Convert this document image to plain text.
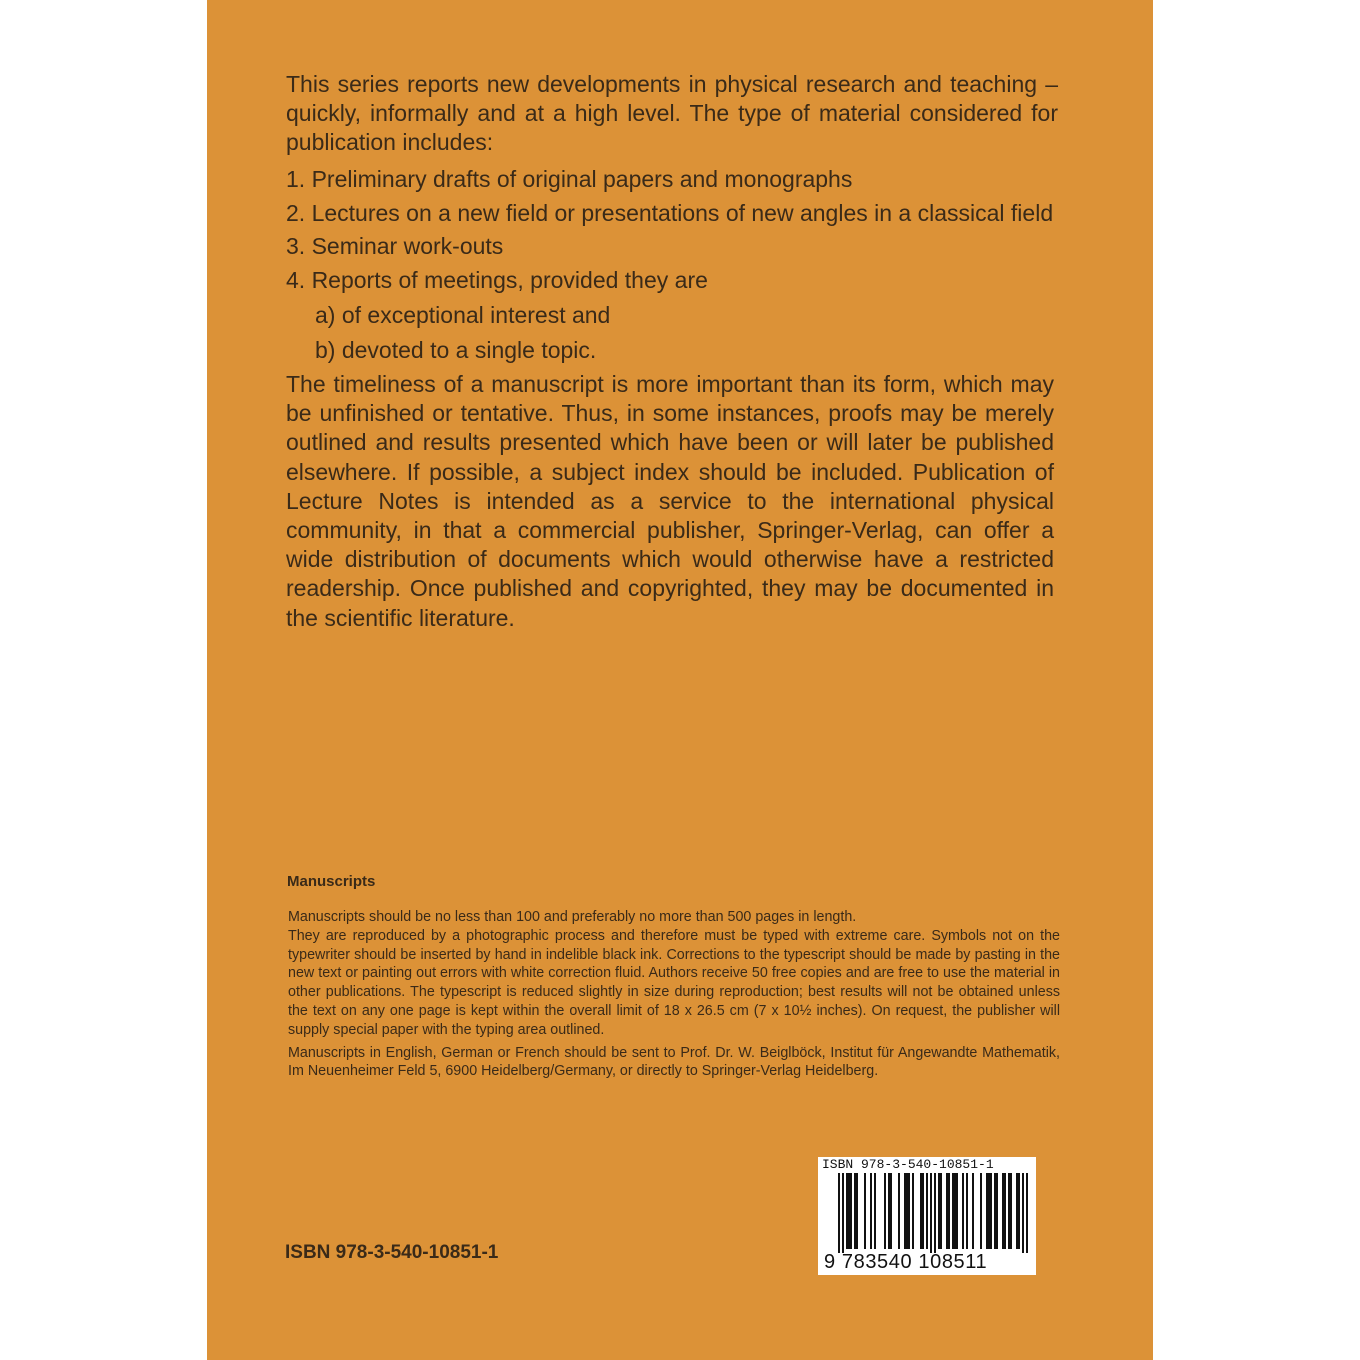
This series reports new developments in physical research and teaching – quickly, informally and at a high level. The type of material considered for publication includes:

1. Preliminary drafts of original papers and monographs
2. Lectures on a new field or presentations of new angles in a classical field
3. Seminar work-outs
4. Reports of meetings, provided they are
a) of exceptional interest and
b) devoted to a single topic.

The timeliness of a manuscript is more important than its form, which may be unfinished or tentative. Thus, in some instances, proofs may be merely outlined and results presented which have been or will later be published elsewhere. If possible, a subject index should be included. Publication of Lecture Notes is intended as a service to the international physical community, in that a commercial publisher, Springer-Verlag, can offer a wide distribution of documents which would otherwise have a restricted readership. Once published and copyrighted, they may be documented in the scientific literature.

Manuscripts

Manuscripts should be no less than 100 and preferably no more than 500 pages in length.

They are reproduced by a photographic process and therefore must be typed with extreme care. Symbols not on the typewriter should be inserted by hand in indelible black ink. Corrections to the typescript should be made by pasting in the new text or painting out errors with white correction fluid. Authors receive 50 free copies and are free to use the material in other publications. The typescript is reduced slightly in size during reproduction; best results will not be obtained unless the text on any one page is kept within the overall limit of 18 x 26.5 cm (7 x 10½ inches). On request, the publisher will supply special paper with the typing area outlined.

Manuscripts in English, German or French should be sent to Prof. Dr. W. Beiglböck, Institut für Angewandte Mathematik, Im Neuenheimer Feld 5, 6900 Heidelberg/Germany, or directly to Springer-Verlag Heidelberg.

ISBN 978-3-540-10851-1
ISBN 978-3-540-10851-1
9 783540 108511
